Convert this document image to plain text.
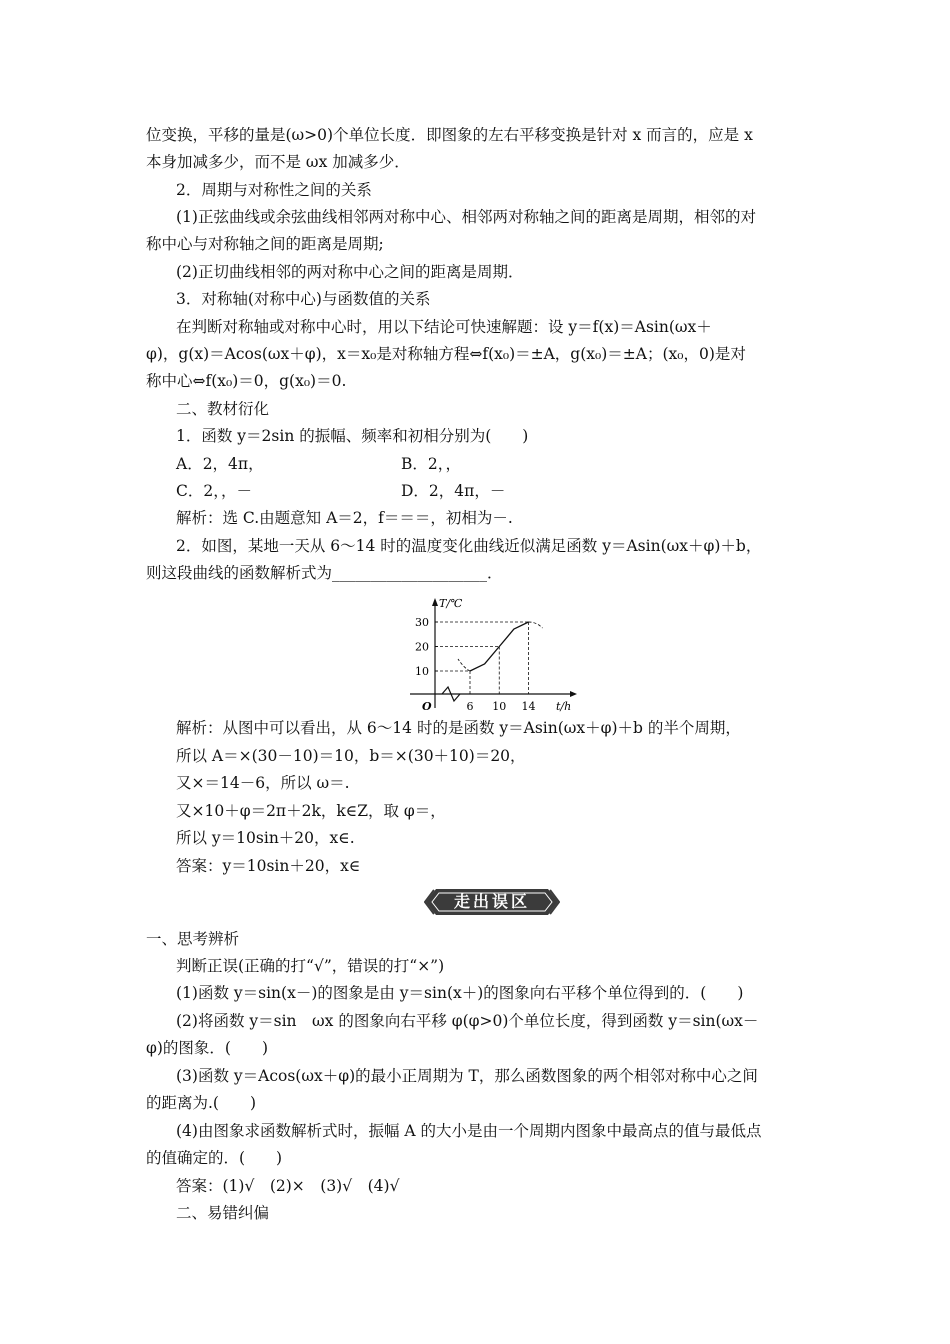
位变换，平移的量是(ω>0)个单位长度．即图象的左右平移变换是针对 x 而言的，应是 x
本身加减多少，而不是 ωx 加减多少．
2．周期与对称性之间的关系
(1)正弦曲线或余弦曲线相邻两对称中心、相邻两对称轴之间的距离是周期，相邻的对
称中心与对称轴之间的距离是周期;
(2)正切曲线相邻的两对称中心之间的距离是周期．
3．对称轴(对称中心)与函数值的关系
在判断对称轴或对称中心时，用以下结论可快速解题：设 y＝f(x)＝Asin(ωx＋
φ)，g(x)＝Acos(ωx＋φ)，x＝x₀是对称轴方程⇔f(x₀)＝±A，g(x₀)＝±A；(x₀，0)是对
称中心⇔f(x₀)＝0，g(x₀)＝0.
二、教材衍化
1．函数 y＝2sin 的振幅、频率和初相分别为(　　)
A．2，4π，	B．2，，
C．2，，－	D．2，4π，－
解析：选 C.由题意知 A＝2，f＝＝＝，初相为－.
2．如图，某地一天从 6～14 时的温度变化曲线近似满足函数 y＝Asin(ωx＋φ)＋b，
则这段曲线的函数解析式为____________________．
T/℃
t/h
O
10
20
30
6 10 14
解析：从图中可以看出，从 6～14 时的是函数 y＝Asin(ωx＋φ)＋b 的半个周期，
所以 A＝×(30－10)＝10，b＝×(30＋10)＝20，
又×＝14－6，所以 ω＝.
又×10＋φ＝2π＋2k，k∈Z，取 φ＝，
所以 y＝10sin＋20，x∈.
答案：y＝10sin＋20，x∈
走出误区
一、思考辨析
判断正误(正确的打“√”，错误的打“×”)
(1)函数 y＝sin(x－)的图象是由 y＝sin(x＋)的图象向右平移个单位得到的．(　　)
(2)将函数 y＝sin　ωx 的图象向右平移 φ(φ>0)个单位长度，得到函数 y＝sin(ωx－
φ)的图象．(　　)
(3)函数 y＝Acos(ωx＋φ)的最小正周期为 T，那么函数图象的两个相邻对称中心之间
的距离为.(　　)
(4)由图象求函数解析式时，振幅 A 的大小是由一个周期内图象中最高点的值与最低点
的值确定的．(　　)
答案：(1)√　(2)×　(3)√　(4)√
二、易错纠偏
